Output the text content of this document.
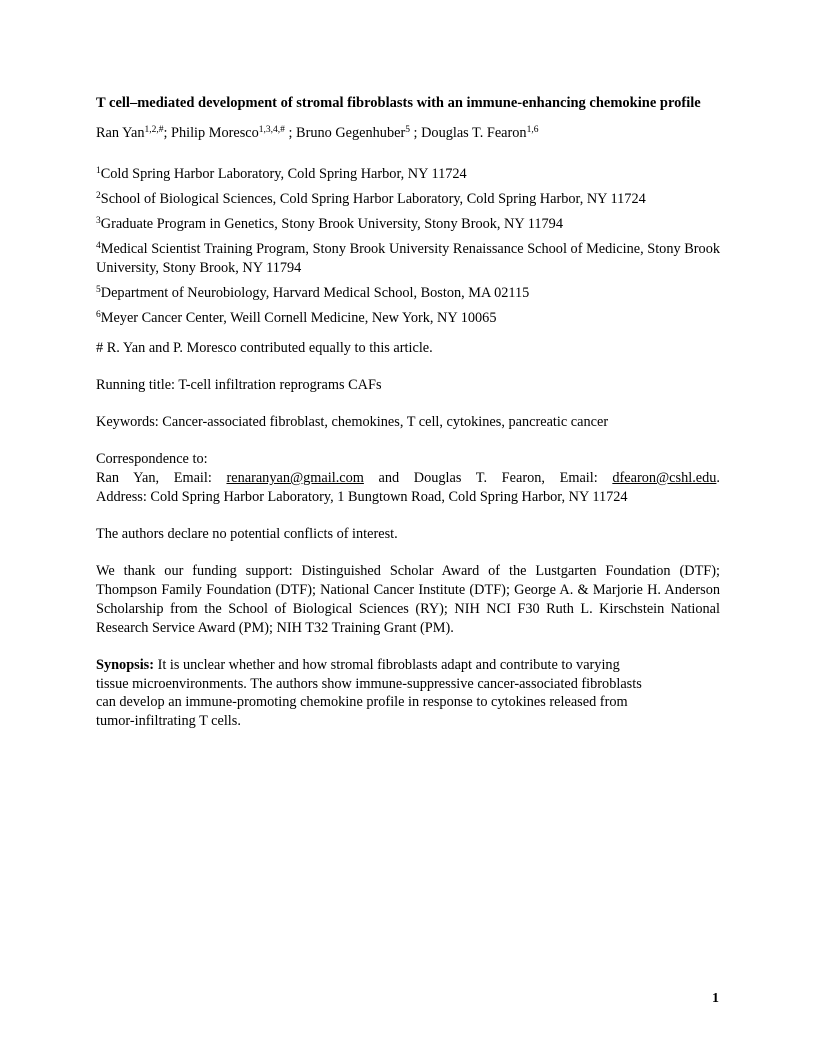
T cell–mediated development of stromal fibroblasts with an immune-enhancing chemokine profile

Ran Yan$^{1,2,\#}$; Philip Moresco$^{1,3,4,\#}$ ; Bruno Gegenhuber$^5$ ; Douglas T. Fearon$^{1,6}$

$^1$Cold Spring Harbor Laboratory, Cold Spring Harbor, NY 11724

$^2$School of Biological Sciences, Cold Spring Harbor Laboratory, Cold Spring Harbor, NY 11724

$^3$Graduate Program in Genetics, Stony Brook University, Stony Brook, NY 11794

$^4$Medical Scientist Training Program, Stony Brook University Renaissance School of Medicine, Stony Brook University, Stony Brook, NY 11794

$^5$Department of Neurobiology, Harvard Medical School, Boston, MA 02115

$^6$Meyer Cancer Center, Weill Cornell Medicine, New York, NY 10065

# R. Yan and P. Moresco contributed equally to this article.

Running title: T-cell infiltration reprograms CAFs

Keywords: Cancer-associated fibroblast, chemokines, T cell, cytokines, pancreatic cancer

Correspondence to:
Ran Yan, Email: renaranyan@gmail.com and Douglas T. Fearon, Email: dfearon@cshl.edu.
Address: Cold Spring Harbor Laboratory, 1 Bungtown Road, Cold Spring Harbor, NY 11724

The authors declare no potential conflicts of interest.

We thank our funding support: Distinguished Scholar Award of the Lustgarten Foundation (DTF); Thompson Family Foundation (DTF); National Cancer Institute (DTF); George A. & Marjorie H. Anderson Scholarship from the School of Biological Sciences (RY); NIH NCI F30 Ruth L. Kirschstein National Research Service Award (PM); NIH T32 Training Grant (PM).

Synopsis: It is unclear whether and how stromal fibroblasts adapt and contribute to varying
tissue microenvironments. The authors show immune-suppressive cancer-associated fibroblasts
can develop an immune-promoting chemokine profile in response to cytokines released from
tumor-infiltrating T cells.

1
